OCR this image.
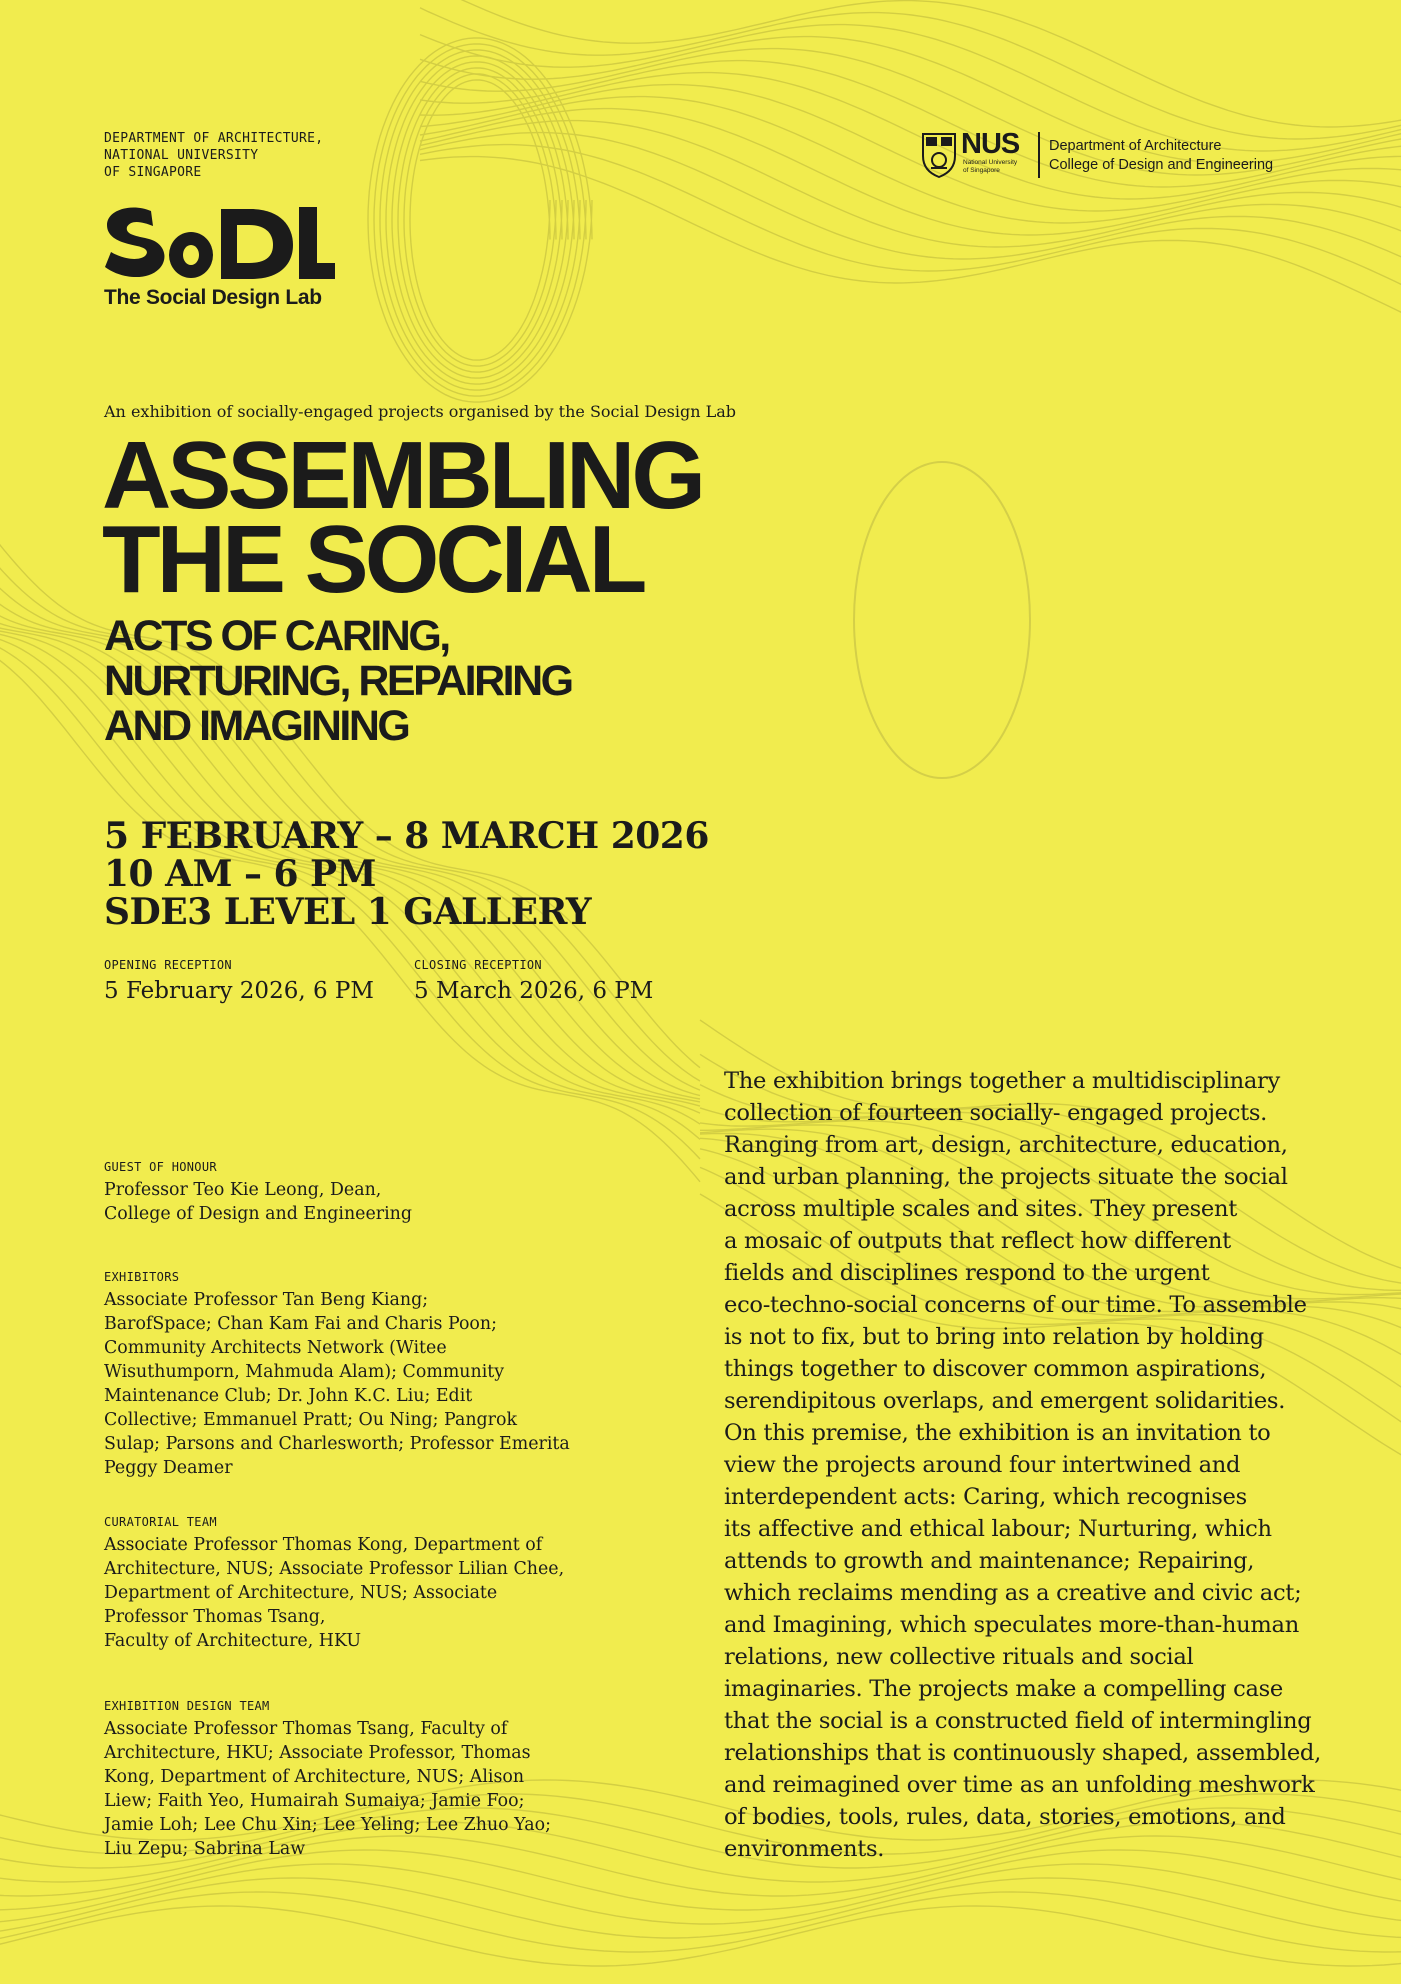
DEPARTMENT OF ARCHITECTURE,
NATIONAL UNIVERSITY
OF SINGAPORE
The Social Design Lab
NUS
National University
of Singapore
Department of Architecture
College of Design and Engineering
An exhibition of socially-engaged projects organised by the Social Design Lab
ASSEMBLING
THE SOCIAL
ACTS OF CARING,
NURTURING, REPAIRING
AND IMAGINING
5 FEBRUARY – 8 MARCH 2026
10 AM – 6 PM
SDE3 LEVEL 1 GALLERY
OPENING RECEPTION
5 February 2026, 6 PM
CLOSING RECEPTION
5 March 2026, 6 PM
GUEST OF HONOUR
Professor Teo Kie Leong, Dean,
College of Design and Engineering
EXHIBITORS
Associate Professor Tan Beng Kiang;
BarofSpace; Chan Kam Fai and Charis Poon;
Community Architects Network (Witee
Wisuthumporn, Mahmuda Alam); Community
Maintenance Club; Dr. John K.C. Liu; Edit
Collective; Emmanuel Pratt; Ou Ning; Pangrok
Sulap; Parsons and Charlesworth; Professor Emerita
Peggy Deamer
CURATORIAL TEAM
Associate Professor Thomas Kong, Department of
Architecture, NUS; Associate Professor Lilian Chee,
Department of Architecture, NUS; Associate
Professor Thomas Tsang,
Faculty of Architecture, HKU
EXHIBITION DESIGN TEAM
Associate Professor Thomas Tsang, Faculty of
Architecture, HKU; Associate Professor, Thomas
Kong, Department of Architecture, NUS; Alison
Liew; Faith Yeo, Humairah Sumaiya; Jamie Foo;
Jamie Loh; Lee Chu Xin; Lee Yeling; Lee Zhuo Yao;
Liu Zepu; Sabrina Law
The exhibition brings together a multidisciplinary
collection of fourteen socially- engaged projects.
Ranging from art, design, architecture, education,
and urban planning, the projects situate the social
across multiple scales and sites. They present
a mosaic of outputs that reflect how different
fields and disciplines respond to the urgent
eco-techno-social concerns of our time. To assemble
is not to fix, but to bring into relation by holding
things together to discover common aspirations,
serendipitous overlaps, and emergent solidarities.
On this premise, the exhibition is an invitation to
view the projects around four intertwined and
interdependent acts: Caring, which recognises
its affective and ethical labour; Nurturing, which
attends to growth and maintenance; Repairing,
which reclaims mending as a creative and civic act;
and Imagining, which speculates more-than-human
relations, new collective rituals and social
imaginaries. The projects make a compelling case
that the social is a constructed field of intermingling
relationships that is continuously shaped, assembled,
and reimagined over time as an unfolding meshwork
of bodies, tools, rules, data, stories, emotions, and
environments.
